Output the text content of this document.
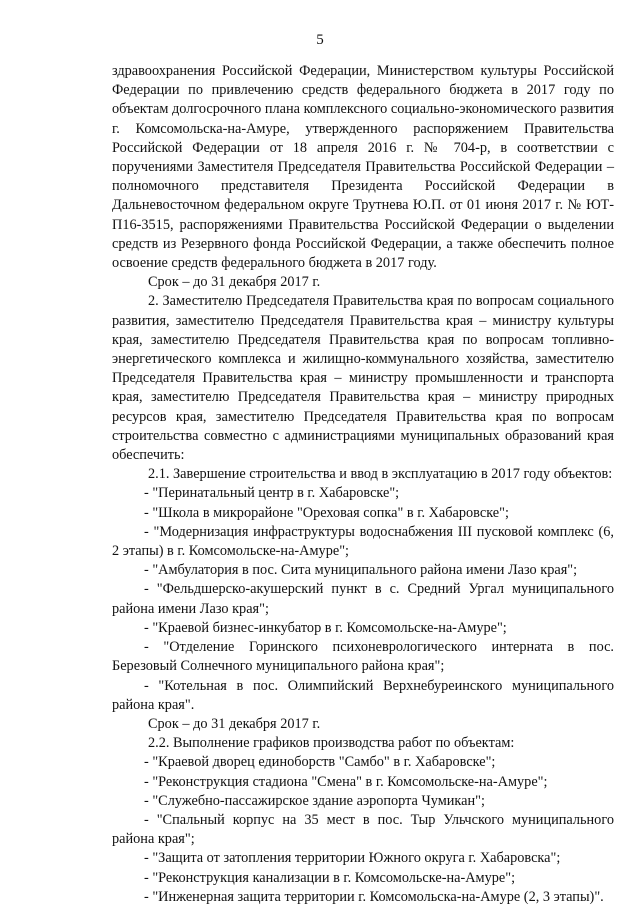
5

здравоохранения Российской Федерации, Министерством культуры Российской Федерации по привлечению средств федерального бюджета в 2017 году по объектам долгосрочного плана комплексного социально-экономического развития г. Комсомольска-на-Амуре, утвержденного распоряжением Правительства Российской Федерации от 18 апреля 2016 г. № 704-р, в соответствии с поручениями Заместителя Председателя Правительства Российской Федерации – полномочного представителя Президента Российской Федерации в Дальневосточном федеральном округе Трутнева Ю.П. от 01 июня 2017 г. № ЮТ-П16-3515, распоряжениями Правительства Российской Федерации о выделении средств из Резервного фонда Российской Федерации, а также обеспечить полное освоение средств федерального бюджета в 2017 году.

Срок – до 31 декабря 2017 г.

2. Заместителю Председателя Правительства края по вопросам социального развития, заместителю Председателя Правительства края – министру культуры края, заместителю Председателя Правительства края по вопросам топливно-энергетического комплекса и жилищно-коммунального хозяйства, заместителю Председателя Правительства края – министру промышленности и транспорта края, заместителю Председателя Правительства края – министру природных ресурсов края, заместителю Председателя Правительства края по вопросам строительства совместно с администрациями муниципальных образований края обеспечить:

2.1. Завершение строительства и ввод в эксплуатацию в 2017 году объектов:

- "Перинатальный центр в г. Хабаровске";

- "Школа в микрорайоне "Ореховая сопка" в г. Хабаровске";

- "Модернизация инфраструктуры водоснабжения III пусковой комплекс (6, 2 этапы) в г. Комсомольске-на-Амуре";

- "Амбулатория в пос. Сита муниципального района имени Лазо края";

- "Фельдшерско-акушерский пункт в с. Средний Ургал муниципального района имени Лазо края";

- "Краевой бизнес-инкубатор в г. Комсомольске-на-Амуре";

- "Отделение Горинского психоневрологического интерната в пос. Березовый Солнечного муниципального района края";

- "Котельная в пос. Олимпийский Верхнебуреинского муниципального района края".

Срок – до 31 декабря 2017 г.

2.2. Выполнение графиков производства работ по объектам:

- "Краевой дворец единоборств "Самбо" в г. Хабаровске";

- "Реконструкция стадиона "Смена" в г. Комсомольске-на-Амуре";

- "Служебно-пассажирское здание аэропорта Чумикан";

- "Спальный корпус на 35 мест в пос. Тыр Ульчского муниципального района края";

- "Защита от затопления территории Южного округа г. Хабаровска";

- "Реконструкция канализации в г. Комсомольске-на-Амуре";

- "Инженерная защита территории г. Комсомольска-на-Амуре (2, 3 этапы)".
